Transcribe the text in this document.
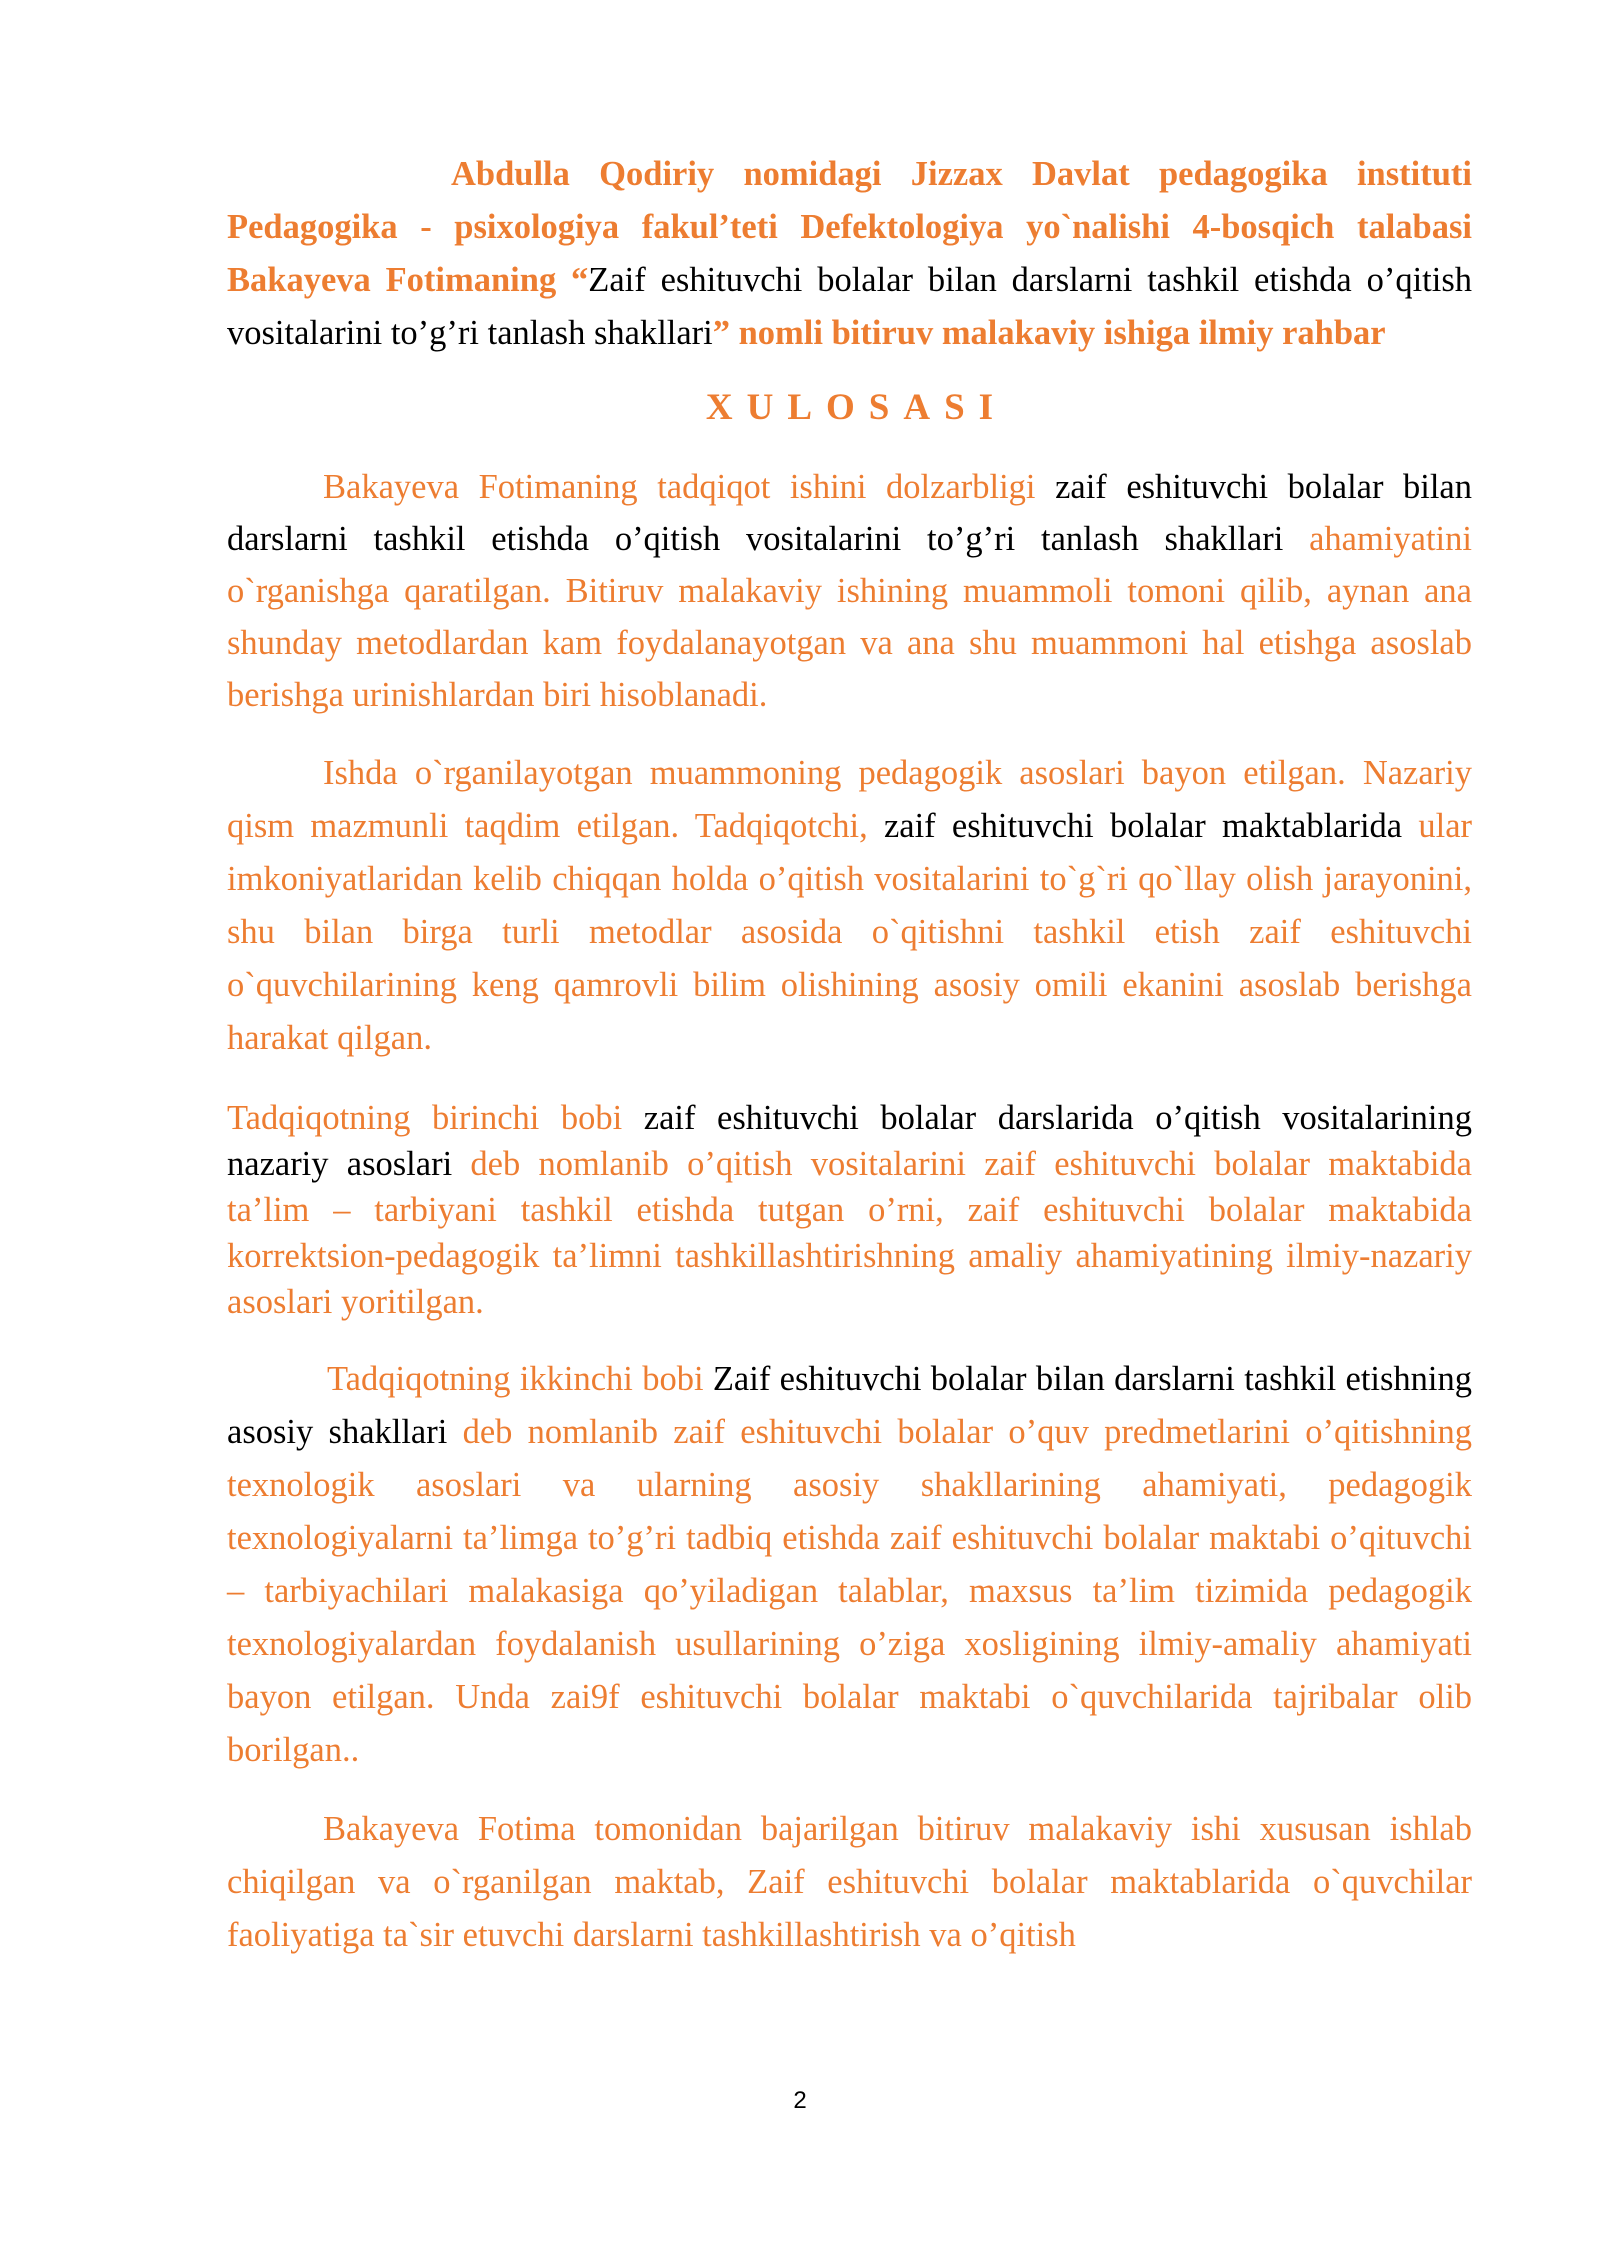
Abdulla Qodiriy nomidagi Jizzax Davlat pedagogika instituti Pedagogika - psixologiya fakul’teti Defektologiya yo`nalishi 4-bosqich talabasi Bakayeva Fotimaning “Zaif eshituvchi bolalar bilan darslarni tashkil etishda o’qitish vositalarini to’g’ri tanlash shakllari” nomli bitiruv malakaviy ishiga ilmiy rahbar

XULOSASI

Bakayeva Fotimaning tadqiqot ishini dolzarbligi zaif eshituvchi bolalar bilan darslarni tashkil etishda o’qitish vositalarini to’g’ri tanlash shakllari ahamiyatini o`rganishga qaratilgan. Bitiruv malakaviy ishining muammoli tomoni qilib, aynan ana shunday metodlardan kam foydalanayotgan va ana shu muammoni hal etishga asoslab berishga urinishlardan biri hisoblanadi.

Ishda o`rganilayotgan muammoning pedagogik asoslari bayon etilgan. Nazariy qism mazmunli taqdim etilgan. Tadqiqotchi, zaif eshituvchi bolalar maktablarida ular imkoniyatlaridan kelib chiqqan holda o’qitish vositalarini to`g`ri qo`llay olish jarayonini, shu bilan birga turli metodlar asosida o`qitishni tashkil etish zaif eshituvchi o`quvchilarining keng qamrovli bilim olishining asosiy omili ekanini asoslab berishga harakat qilgan.

Tadqiqotning birinchi bobi zaif eshituvchi bolalar darslarida o’qitish vositalarining nazariy asoslari deb nomlanib o’qitish vositalarini zaif eshituvchi bolalar maktabida ta’lim – tarbiyani tashkil etishda tutgan o’rni, zaif eshituvchi bolalar maktabida korrektsion-pedagogik ta’limni tashkillashtirishning amaliy ahamiyatining ilmiy-nazariy asoslari yoritilgan.

Tadqiqotning ikkinchi bobi Zaif eshituvchi bolalar bilan darslarni tashkil etishning asosiy shakllari deb nomlanib zaif eshituvchi bolalar o’quv predmetlarini o’qitishning texnologik asoslari va ularning asosiy shakllarining ahamiyati, pedagogik texnologiyalarni ta’limga to’g’ri tadbiq etishda zaif eshituvchi bolalar maktabi o’qituvchi – tarbiyachilari malakasiga qo’yiladigan talablar, maxsus ta’lim tizimida pedagogik texnologiyalardan foydalanish usullarining o’ziga xosligining ilmiy-amaliy ahamiyati bayon etilgan. Unda zai9f eshituvchi bolalar maktabi o`quvchilarida tajribalar olib borilgan..

Bakayeva Fotima tomonidan bajarilgan bitiruv malakaviy ishi xususan ishlab chiqilgan va o`rganilgan maktab, Zaif eshituvchi bolalar maktablarida o`quvchilar faoliyatiga ta`sir etuvchi darslarni tashkillashtirish va o’qitish

2
